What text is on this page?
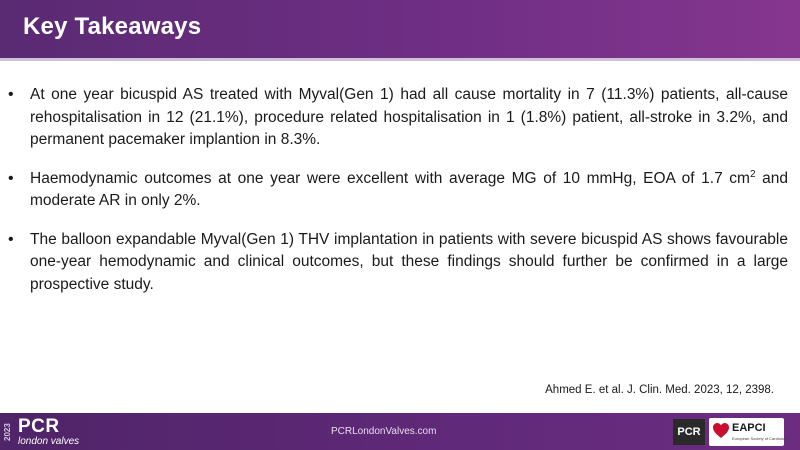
Key Takeaways
•	At one year bicuspid AS treated with Myval(Gen 1) had all cause mortality in 7 (11.3%) patients, all-cause rehospitalisation in 12 (21.1%), procedure related hospitalisation in 1 (1.8%) patient, all-stroke in 3.2%, and permanent pacemaker implantion in 8.3%.
•	Haemodynamic outcomes at one year were excellent with average MG of 10 mmHg, EOA of 1.7 $cm^2$ and moderate AR in only 2%.
•	The balloon expandable Myval(Gen 1) THV implantation in patients with severe bicuspid AS shows favourable one-year hemodynamic and clinical outcomes, but these findings should further be confirmed in a large prospective study.
Ahmed E. et al. J. Clin. Med. 2023, 12, 2398.
2023 PCR
london valves
PCRLondonValves.com	PCR	EAPCI
European Society of Cardiology
